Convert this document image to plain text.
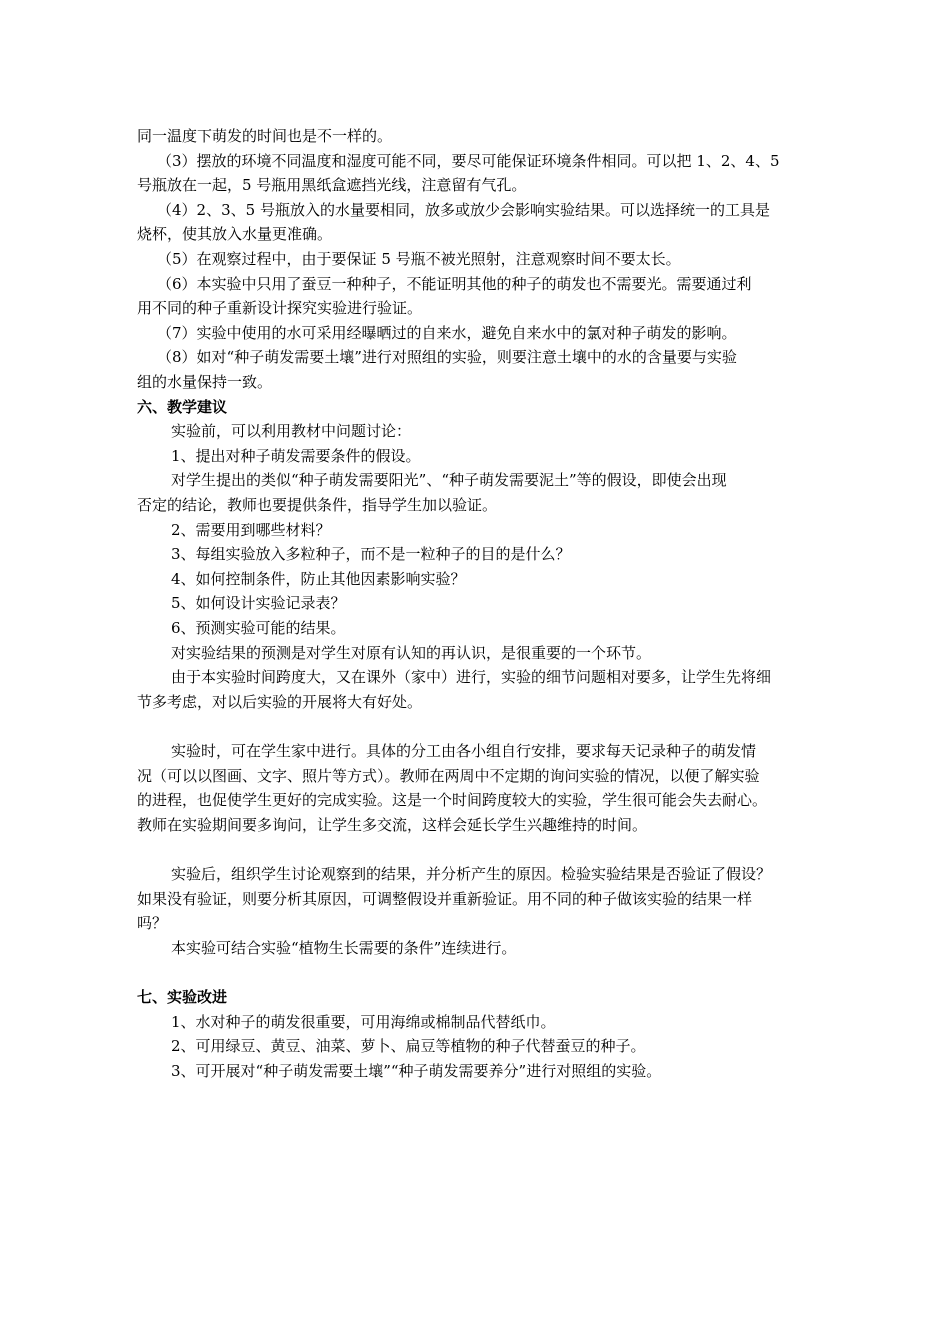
同一温度下萌发的时间也是不一样的。
（3）摆放的环境不同温度和湿度可能不同，要尽可能保证环境条件相同。可以把 1、2、4、5
号瓶放在一起，5 号瓶用黑纸盒遮挡光线，注意留有气孔。
（4）2、3、5 号瓶放入的水量要相同，放多或放少会影响实验结果。可以选择统一的工具是
烧杯，使其放入水量更准确。
（5）在观察过程中，由于要保证 5 号瓶不被光照射，注意观察时间不要太长。
（6）本实验中只用了蚕豆一种种子，不能证明其他的种子的萌发也不需要光。需要通过利
用不同的种子重新设计探究实验进行验证。
（7）实验中使用的水可采用经曝晒过的自来水，避免自来水中的氯对种子萌发的影响。
（8）如对“种子萌发需要土壤”进行对照组的实验，则要注意土壤中的水的含量要与实验
组的水量保持一致。
六、教学建议
实验前，可以利用教材中问题讨论：
1、提出对种子萌发需要条件的假设。
对学生提出的类似“种子萌发需要阳光”、“种子萌发需要泥土”等的假设，即使会出现
否定的结论，教师也要提供条件，指导学生加以验证。
2、需要用到哪些材料？
3、每组实验放入多粒种子，而不是一粒种子的目的是什么？
4、如何控制条件，防止其他因素影响实验？
5、如何设计实验记录表？
6、预测实验可能的结果。
对实验结果的预测是对学生对原有认知的再认识，是很重要的一个环节。
由于本实验时间跨度大，又在课外（家中）进行，实验的细节问题相对要多，让学生先将细
节多考虑，对以后实验的开展将大有好处。
实验时，可在学生家中进行。具体的分工由各小组自行安排，要求每天记录种子的萌发情
况（可以以图画、文字、照片等方式）。教师在两周中不定期的询问实验的情况，以便了解实验
的进程，也促使学生更好的完成实验。这是一个时间跨度较大的实验，学生很可能会失去耐心。
教师在实验期间要多询问，让学生多交流，这样会延长学生兴趣维持的时间。
实验后，组织学生讨论观察到的结果，并分析产生的原因。检验实验结果是否验证了假设？
如果没有验证，则要分析其原因，可调整假设并重新验证。用不同的种子做该实验的结果一样
吗？
本实验可结合实验“植物生长需要的条件”连续进行。
七、实验改进
1、水对种子的萌发很重要，可用海绵或棉制品代替纸巾。
2、可用绿豆、黄豆、油菜、萝卜、扁豆等植物的种子代替蚕豆的种子。
3、可开展对“种子萌发需要土壤”“种子萌发需要养分”进行对照组的实验。
